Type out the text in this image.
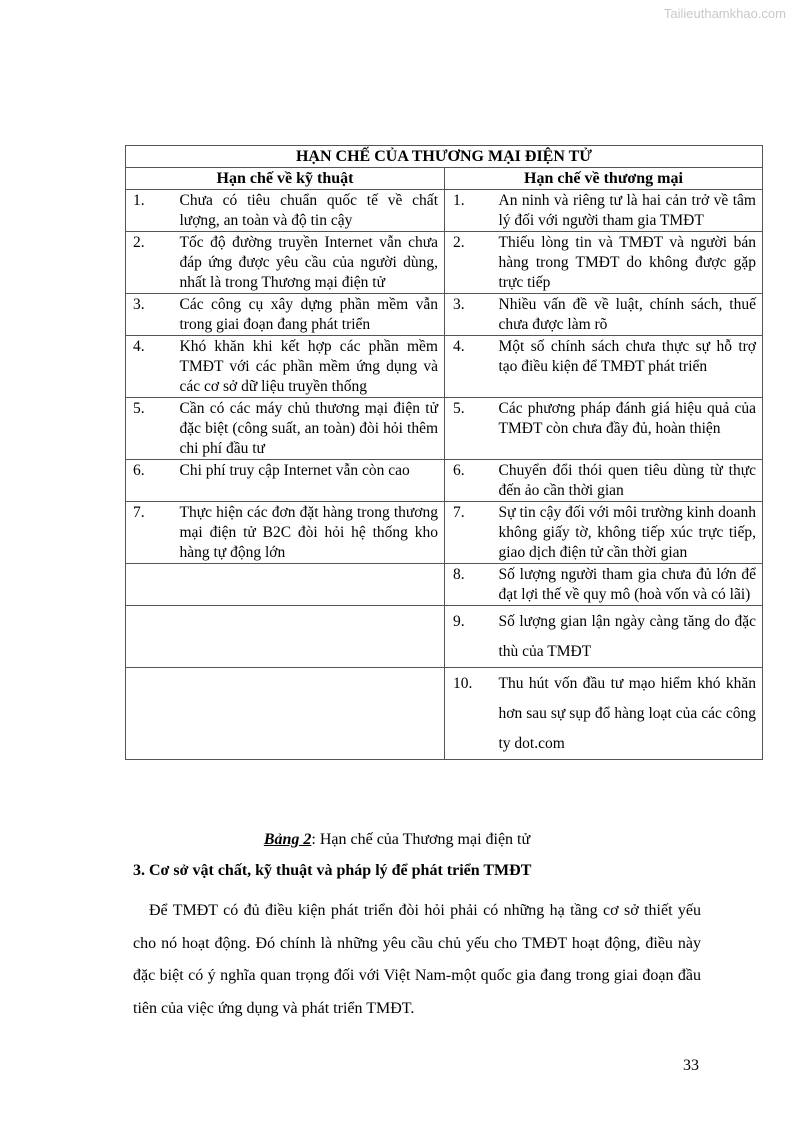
Tailieuthamkhao.com
HẠN CHẾ CỦA THƯƠNG MẠI ĐIỆN TỬ			
Hạn chế về kỹ thuật		Hạn chế về thương mại	
1.	Chưa có tiêu chuẩn quốc tế về chất lượng, an toàn và độ tin cậy	1.	An ninh và riêng tư là hai cản trở về tâm lý đối với người tham gia TMĐT
2.	Tốc độ đường truyền Internet vẫn chưa đáp ứng được yêu cầu của người dùng, nhất là trong Thương mại điện tử	2.	Thiếu lòng tin và TMĐT và người bán hàng trong TMĐT do không được gặp trực tiếp
3.	Các công cụ xây dựng phần mềm vẫn trong giai đoạn đang phát triển	3.	Nhiều vấn đề về luật, chính sách, thuế chưa được làm rõ
4.	Khó khăn khi kết hợp các phần mềm TMĐT với các phần mềm ứng dụng và các cơ sở dữ liệu truyền thống	4.	Một số chính sách chưa thực sự hỗ trợ tạo điều kiện để TMĐT phát triển
5.	Cần có các máy chủ thương mại điện tử đặc biệt (công suất, an toàn) đòi hỏi thêm chi phí đầu tư	5.	Các phương pháp đánh giá hiệu quả của TMĐT còn chưa đầy đủ, hoàn thiện
6.	Chi phí truy cập Internet vẫn còn cao	6.	Chuyển đổi thói quen tiêu dùng từ thực đến ảo cần thời gian
7.	Thực hiện các đơn đặt hàng trong thương mại điện tử B2C đòi hỏi hệ thống kho hàng tự động lớn	7.	Sự tin cậy đối với môi trường kinh doanh không giấy tờ, không tiếp xúc trực tiếp, giao dịch điện tử cần thời gian
		8.	Số lượng người tham gia chưa đủ lớn để đạt lợi thế về quy mô (hoà vốn và có lãi)
		9.	Số lượng gian lận ngày càng tăng do đặc thù của TMĐT
		10.	Thu hút vốn đầu tư mạo hiểm khó khăn hơn sau sự sụp đổ hàng loạt của các công ty dot.com
Bảng 2: Hạn chế của Thương mại điện tử
3. Cơ sở vật chất, kỹ thuật và pháp lý để phát triển TMĐT
Để TMĐT có đủ điều kiện phát triển đòi hỏi phải có những hạ tầng cơ sở thiết yếu cho nó hoạt động. Đó chính là những yêu cầu chủ yếu cho TMĐT hoạt động, điều này đặc biệt có ý nghĩa quan trọng đối với Việt Nam-một quốc gia đang trong giai đoạn đầu tiên của việc ứng dụng và phát triển TMĐT.
33
